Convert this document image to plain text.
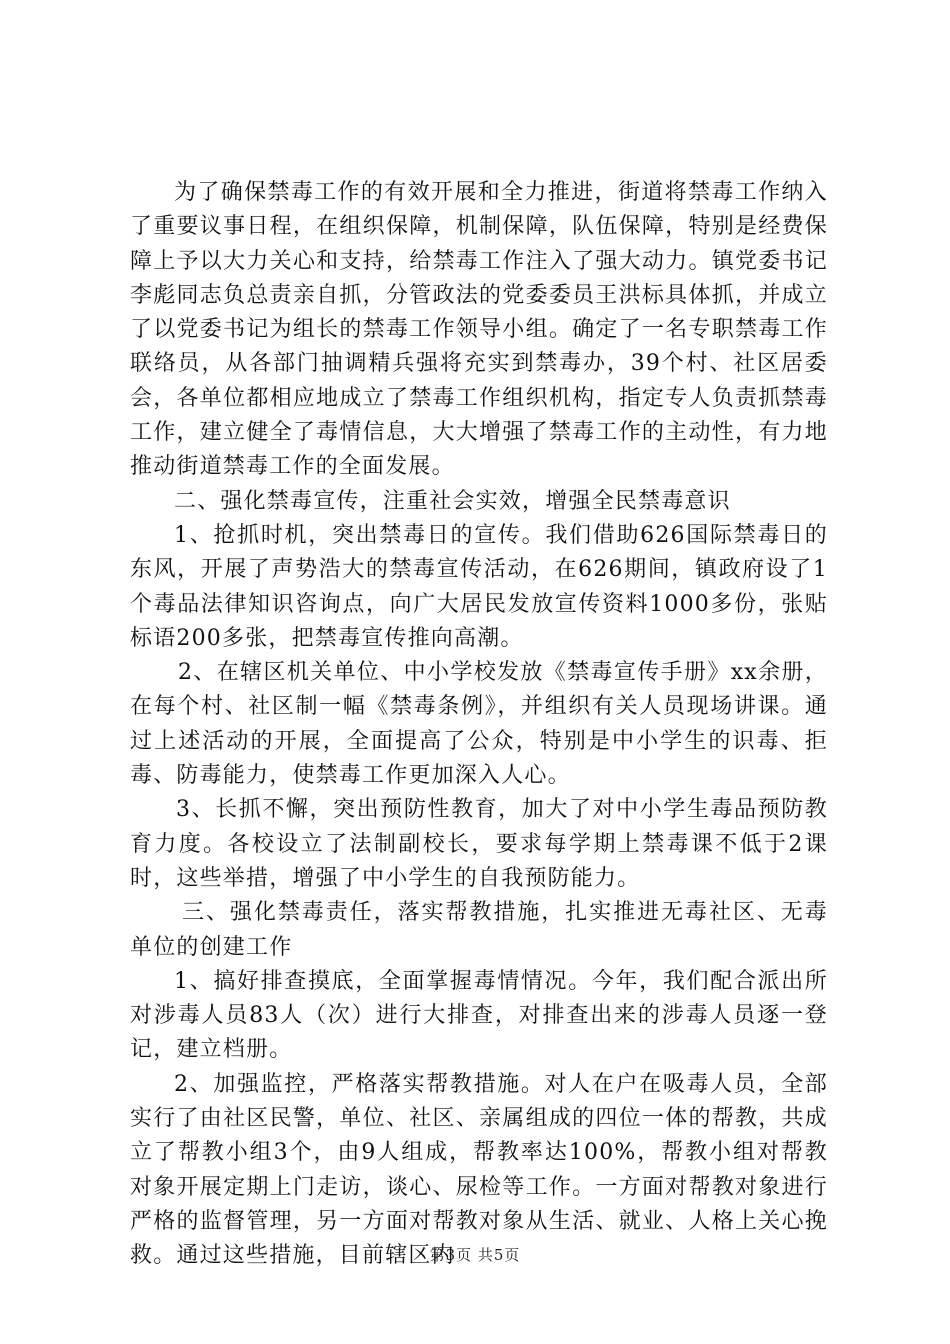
为了确保禁毒工作的有效开展和全力推进，街道将禁毒工作纳入了重要议事日程，在组织保障，机制保障，队伍保障，特别是经费保障上予以大力关心和支持，给禁毒工作注入了强大动力。镇党委书记李彪同志负总责亲自抓，分管政法的党委委员王洪标具体抓，并成立了以党委书记为组长的禁毒工作领导小组。确定了一名专职禁毒工作联络员，从各部门抽调精兵强将充实到禁毒办，39个村、社区居委会，各单位都相应地成立了禁毒工作组织机构，指定专人负责抓禁毒工作，建立健全了毒情信息，大大增强了禁毒工作的主动性，有力地推动街道禁毒工作的全面发展。

二、强化禁毒宣传，注重社会实效，增强全民禁毒意识

1、抢抓时机，突出禁毒日的宣传。我们借助626国际禁毒日的东风，开展了声势浩大的禁毒宣传活动，在626期间，镇政府设了1个毒品法律知识咨询点，向广大居民发放宣传资料1000多份，张贴标语200多张，把禁毒宣传推向高潮。

2、在辖区机关单位、中小学校发放《禁毒宣传手册》xx余册，在每个村、社区制一幅《禁毒条例》，并组织有关人员现场讲课。通过上述活动的开展，全面提高了公众，特别是中小学生的识毒、拒毒、防毒能力，使禁毒工作更加深入人心。

3、长抓不懈，突出预防性教育，加大了对中小学生毒品预防教育力度。各校设立了法制副校长，要求每学期上禁毒课不低于2课时，这些举措，增强了中小学生的自我预防能力。

三、强化禁毒责任，落实帮教措施，扎实推进无毒社区、无毒单位的创建工作

1、搞好排查摸底，全面掌握毒情情况。今年，我们配合派出所对涉毒人员83人（次）进行大排查，对排查出来的涉毒人员逐一登记，建立档册。

2、加强监控，严格落实帮教措施。对人在户在吸毒人员，全部实行了由社区民警，单位、社区、亲属组成的四位一体的帮教，共成立了帮教小组3个，由9人组成，帮教率达100%，帮教小组对帮教对象开展定期上门走访，谈心、尿检等工作。一方面对帮教对象进行严格的监督管理，另一方面对帮教对象从生活、就业、人格上关心挽救。通过这些措施，目前辖区内

第3页 共5页
